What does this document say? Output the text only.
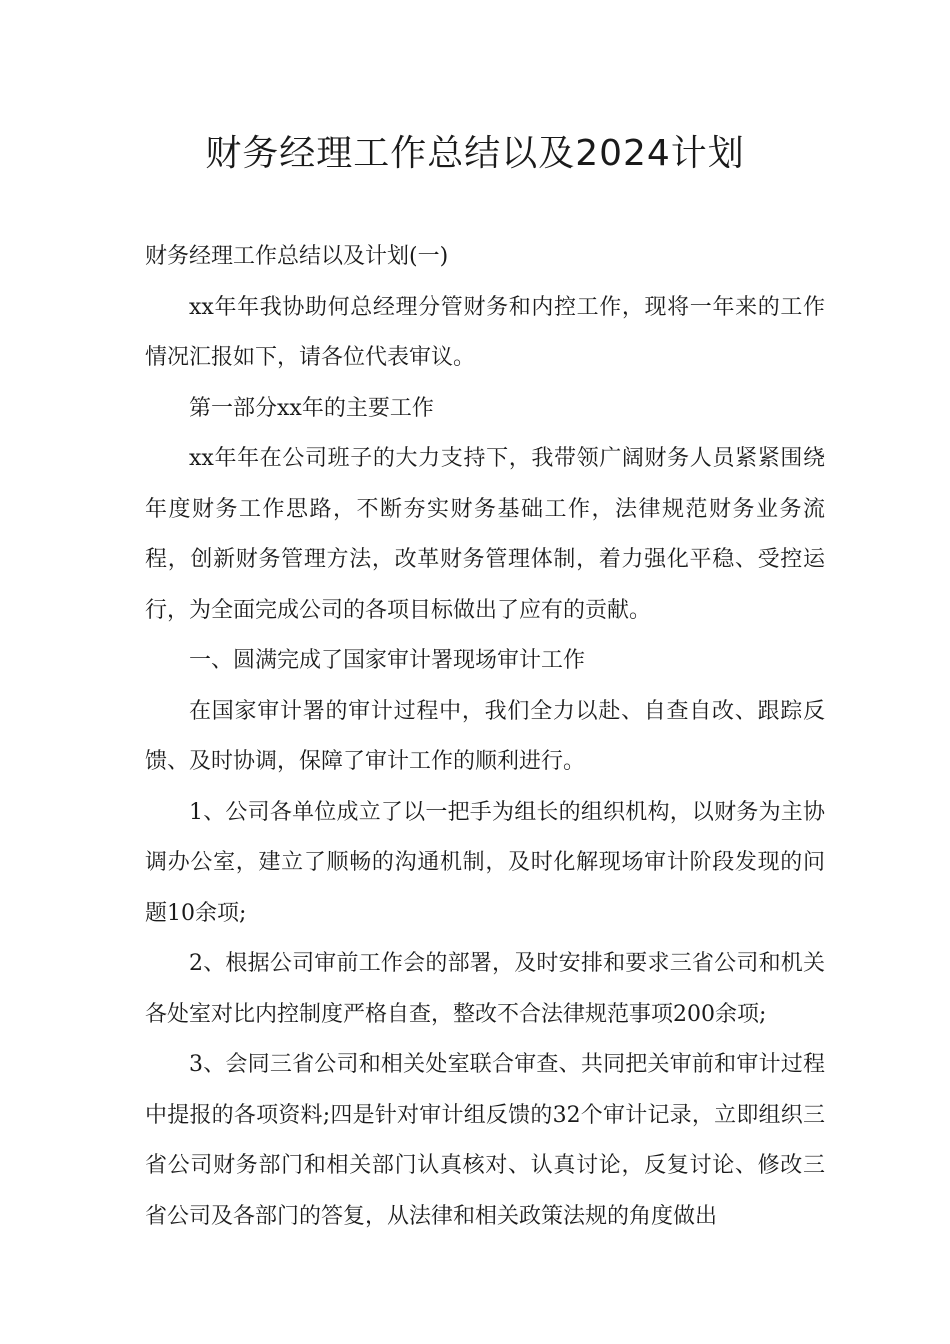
财务经理工作总结以及2024计划

财务经理工作总结以及计划(一)

xx年年我协助何总经理分管财务和内控工作，现将一年来的工作情况汇报如下，请各位代表审议。

第一部分xx年的主要工作

xx年年在公司班子的大力支持下，我带领广阔财务人员紧紧围绕年度财务工作思路，不断夯实财务基础工作，法律规范财务业务流程，创新财务管理方法，改革财务管理体制，着力强化平稳、受控运行，为全面完成公司的各项目标做出了应有的贡献。

一、圆满完成了国家审计署现场审计工作

在国家审计署的审计过程中，我们全力以赴、自查自改、跟踪反馈、及时协调，保障了审计工作的顺利进行。

1、公司各单位成立了以一把手为组长的组织机构，以财务为主协调办公室，建立了顺畅的沟通机制，及时化解现场审计阶段发现的问题10余项;

2、根据公司审前工作会的部署，及时安排和要求三省公司和机关各处室对比内控制度严格自查，整改不合法律规范事项200余项;

3、会同三省公司和相关处室联合审查、共同把关审前和审计过程中提报的各项资料;四是针对审计组反馈的32个审计记录，立即组织三省公司财务部门和相关部门认真核对、认真讨论，反复讨论、修改三省公司及各部门的答复，从法律和相关政策法规的角度做出
